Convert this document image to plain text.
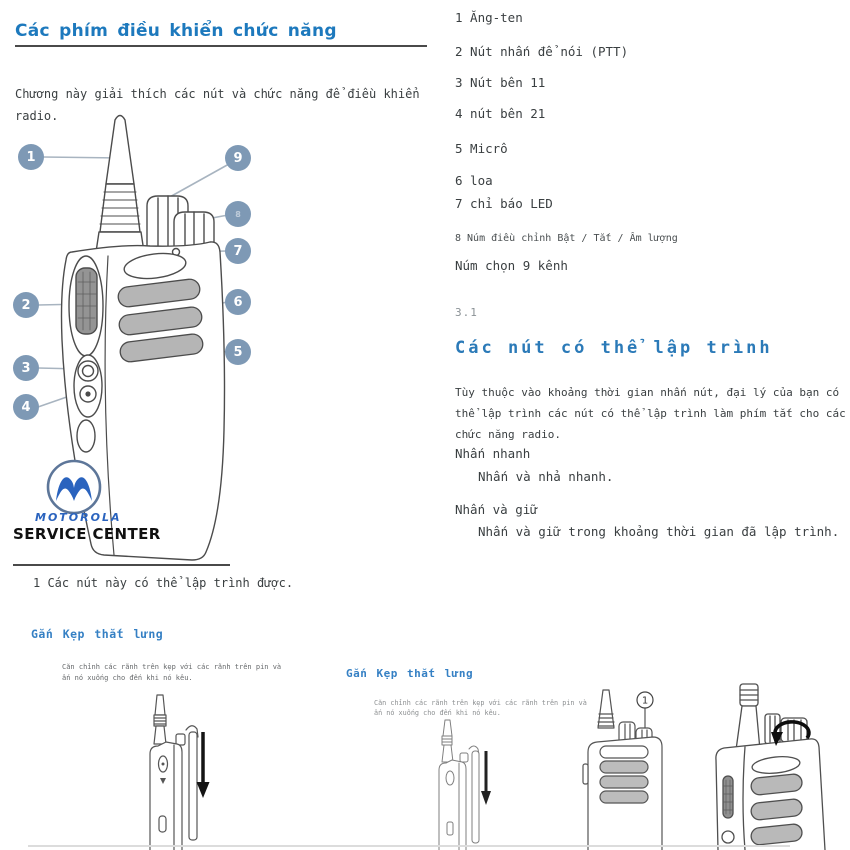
Các phím điều khiển chức năng

Chương này giải thích các nút và chức năng để điều khiển radio.

1	9
8
7
2	6
5
3
4
MOTOROLA
SERVICE CENTER
1 Các nút này có thể lập trình được.
1 Ăng-ten
2 Nút nhấn để nói (PTT)
3 Nút bên 11
4 nút bên 21
5 Micrô
6 loa
7 chỉ báo LED
8 Núm điều chỉnh Bật / Tắt / Âm lượng
Núm chọn 9 kênh
3.1
Các nút có thể lập trình

Tùy thuộc vào khoảng thời gian nhấn nút, đại lý của bạn có thể lập trình các nút có thể lập trình làm phím tắt cho các chức năng radio.

Nhấn nhanh
Nhấn và nhả nhanh.
Nhấn và giữ
Nhấn và giữ trong khoảng thời gian đã lập trình.
Gắn Kẹp thắt lưng

Căn chỉnh các rãnh trên kẹp với các rãnh trên pin và ấn nó xuống cho đến khi nó kêu.	Gắn Kẹp thắt lưng

Căn chỉnh các rãnh trên kẹp với các rãnh trên pin và ấn nó xuống cho đến khi nó kêu.

1
